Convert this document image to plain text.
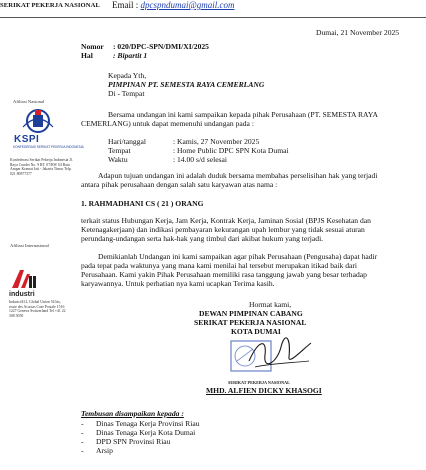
SERIKAT PEKERJA NASIONAL Email : dpcspndumai@gmail.com
Afiliasi Nasional
KSPI
KONFEDERASI SERIKAT PEKERJA INDONESIA
Konfederasi Serikat Pekerja Indonesia Jl. Raya Condet No. 9 RT. 07/RW 04 Batu Ampar Kramat Jati - Jakarta Timur Telp. 021 80877377
Afiliasi Internasional
industri
IndustriALL Global Union 54 bis, route des Acacias Case Postale 1516 1227 Geneva Switzerland Tel +41 22 308 5050
Dumai, 21 November 2025
Nomor : 020/DPC-SPN/DMI/XI/2025
Hal	: Bipartit 1
Kepada Yth,
PIMPINAN PT. SEMESTA RAYA CEMERLANG
Di - Tempat
Bersama undangan ini kami sampaikan kepada pihak Perusahaan (PT. SEMESTA RAYA
CEMERLANG) untuk dapat memenuhi undangan pada :
Hari/tanggal	: Kamis, 27 November 2025
Tempat	: Home Public DPC SPN Kota Dumai
Waktu	: 14.00 s/d selesai
Adapun tujuan undangan ini adalah duduk bersama membahas perselisihan hak yang terjadi
antara pihak perusahaan dengan salah satu karyawan atas nama :
1. RAHMADHANI CS ( 21 ) ORANG
terkait status Hubungan Kerja, Jam Kerja, Kontrak Kerja, Jaminan Sosial (BPJS Kesehatan dan
Ketenagakerjaan) dan indikasi pembayaran kekurangan upah lembur yang tidak sesuai aturan
perundang-undangan serta hak-hak yang timbul dari akibat hukum yang terjadi.
Demikianlah Undangan ini kami sampaikan agar pihak Perusahaan (Pengusaha) dapat hadir
pada tepat pada waktunya yang mana kami menilai hal tersebut merupakan itikad baik dari
Perusahaan. Kami yakin Pihak Perusahaan memiliki rasa tanggung jawab yang besar terhadap
karyawannya. Untuk perhatian nya kami ucapkan Terima kasih.
Hormat kami,
DEWAN PIMPINAN CABANG
SERIKAT PEKERJA NASIONAL
KOTA DUMAI
SERIKAT PEKERJA NASIONAL
MHD. ALFIEN DICKY KHASOGI
Tembusan disampaikan kepada :
- Dinas Tenaga Kerja Provinsi Riau
- Dinas Tenaga Kerja Kota Dumai
- DPD SPN Provinsi Riau
- Arsip
